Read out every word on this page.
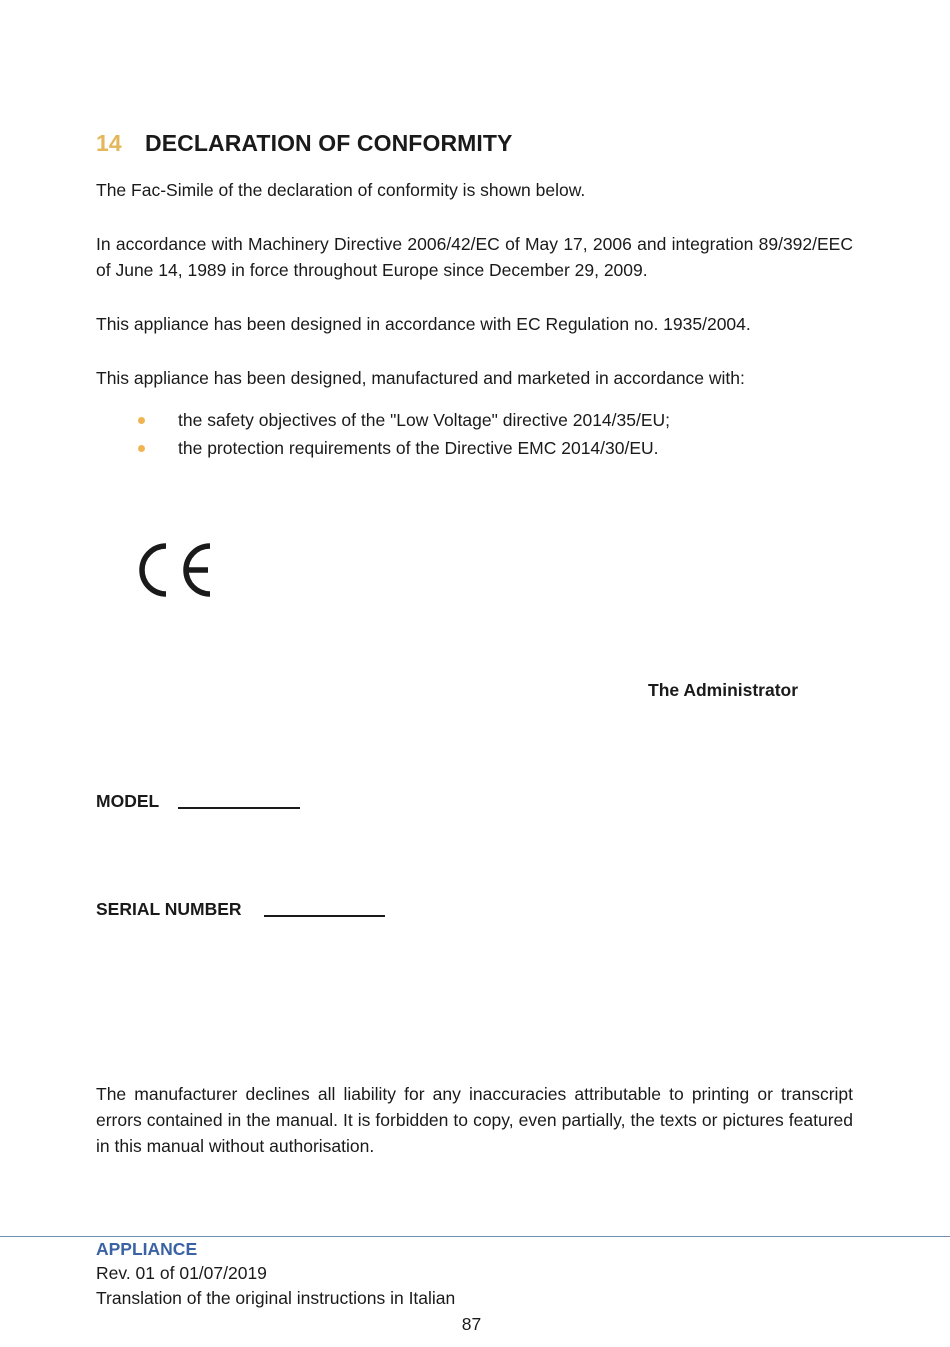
14 DECLARATION OF CONFORMITY

The Fac-Simile of the declaration of conformity is shown below.

In accordance with Machinery Directive 2006/42/EC of May 17, 2006 and integration 89/392/EEC of June 14, 1989 in force throughout Europe since December 29, 2009.

This appliance has been designed in accordance with EC Regulation no. 1935/2004.

This appliance has been designed, manufactured and marketed in accordance with:

the safety objectives of the "Low Voltage" directive 2014/35/EU;
the protection requirements of the Directive EMC 2014/30/EU.
The Administrator
MODEL
SERIAL NUMBER

The manufacturer declines all liability for any inaccuracies attributable to printing or transcript errors contained in the manual. It is forbidden to copy, even partially, the texts or pictures featured in this manual without authorisation.

APPLIANCE
Rev. 01 of 01/07/2019
Translation of the original instructions in Italian
87
